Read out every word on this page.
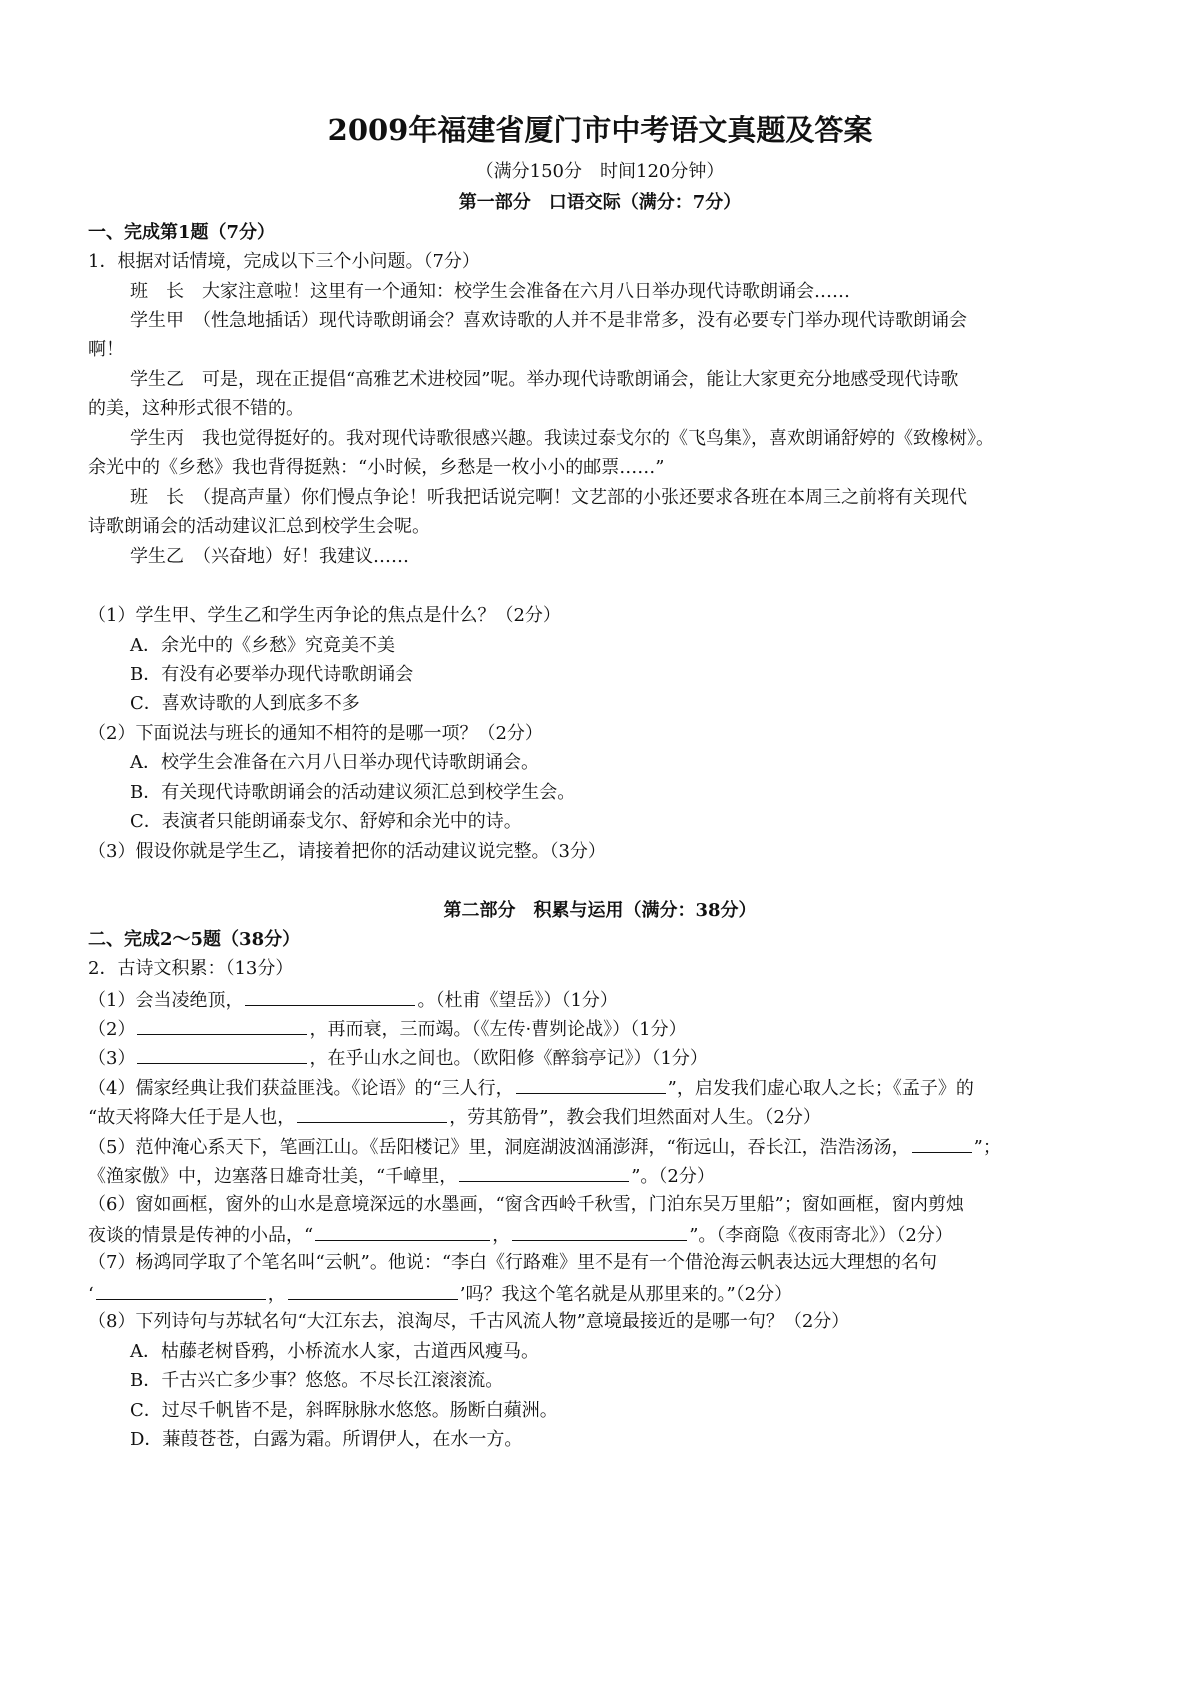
2009年福建省厦门市中考语文真题及答案
（满分150分　时间120分钟）
第一部分　口语交际（满分：7分）
一、完成第1题（7分）
1．根据对话情境，完成以下三个小问题。（7分）
班　长　大家注意啦！这里有一个通知：校学生会准备在六月八日举办现代诗歌朗诵会……
学生甲　（性急地插话）现代诗歌朗诵会？喜欢诗歌的人并不是非常多，没有必要专门举办现代诗歌朗诵会
啊！
学生乙　可是，现在正提倡“高雅艺术进校园”呢。举办现代诗歌朗诵会，能让大家更充分地感受现代诗歌
的美，这种形式很不错的。
学生丙　我也觉得挺好的。我对现代诗歌很感兴趣。我读过泰戈尔的《飞鸟集》，喜欢朗诵舒婷的《致橡树》。
余光中的《乡愁》我也背得挺熟：“小时候，乡愁是一枚小小的邮票……”
班　长　（提高声量）你们慢点争论！听我把话说完啊！文艺部的小张还要求各班在本周三之前将有关现代
诗歌朗诵会的活动建议汇总到校学生会呢。
学生乙　（兴奋地）好！我建议……
（1）学生甲、学生乙和学生丙争论的焦点是什么？（2分）
A．余光中的《乡愁》究竟美不美
B．有没有必要举办现代诗歌朗诵会
C．喜欢诗歌的人到底多不多
（2）下面说法与班长的通知不相符的是哪一项？（2分）
A．校学生会准备在六月八日举办现代诗歌朗诵会。
B．有关现代诗歌朗诵会的活动建议须汇总到校学生会。
C．表演者只能朗诵泰戈尔、舒婷和余光中的诗。
（3）假设你就是学生乙，请接着把你的活动建议说完整。（3分）
第二部分　积累与运用（满分：38分）
二、完成2～5题（38分）
2．古诗文积累：（13分）
（1）会当凌绝顶，	。（杜甫《望岳》）（1分）
（2）	，再而衰，三而竭。（《左传·曹刿论战》）（1分）
（3）	，在乎山水之间也。（欧阳修《醉翁亭记》）（1分）
（4）儒家经典让我们获益匪浅。《论语》的“三人行，	”，启发我们虚心取人之长；《孟子》的
“故天将降大任于是人也，	，劳其筋骨”，教会我们坦然面对人生。（2分）
（5）范仲淹心系天下，笔画江山。《岳阳楼记》里，洞庭湖波汹涌澎湃，“衔远山，吞长江，浩浩汤汤，	”；
《渔家傲》中，边塞落日雄奇壮美，“千嶂里，	”。（2分）
（6）窗如画框，窗外的山水是意境深远的水墨画，“窗含西岭千秋雪，门泊东吴万里船”；窗如画框，窗内剪烛
夜谈的情景是传神的小品，“	，	”。（李商隐《夜雨寄北》）（2分）
（7）杨鸿同学取了个笔名叫“云帆”。他说：“李白《行路难》里不是有一个借沧海云帆表达远大理想的名句
‘	，	’吗？我这个笔名就是从那里来的。”（2分）
（8）下列诗句与苏轼名句“大江东去，浪淘尽，千古风流人物”意境最接近的是哪一句？（2分）
A．枯藤老树昏鸦，小桥流水人家，古道西风瘦马。
B．千古兴亡多少事？悠悠。不尽长江滚滚流。
C．过尽千帆皆不是，斜晖脉脉水悠悠。肠断白蘋洲。
D．蒹葭苍苍，白露为霜。所谓伊人，在水一方。
